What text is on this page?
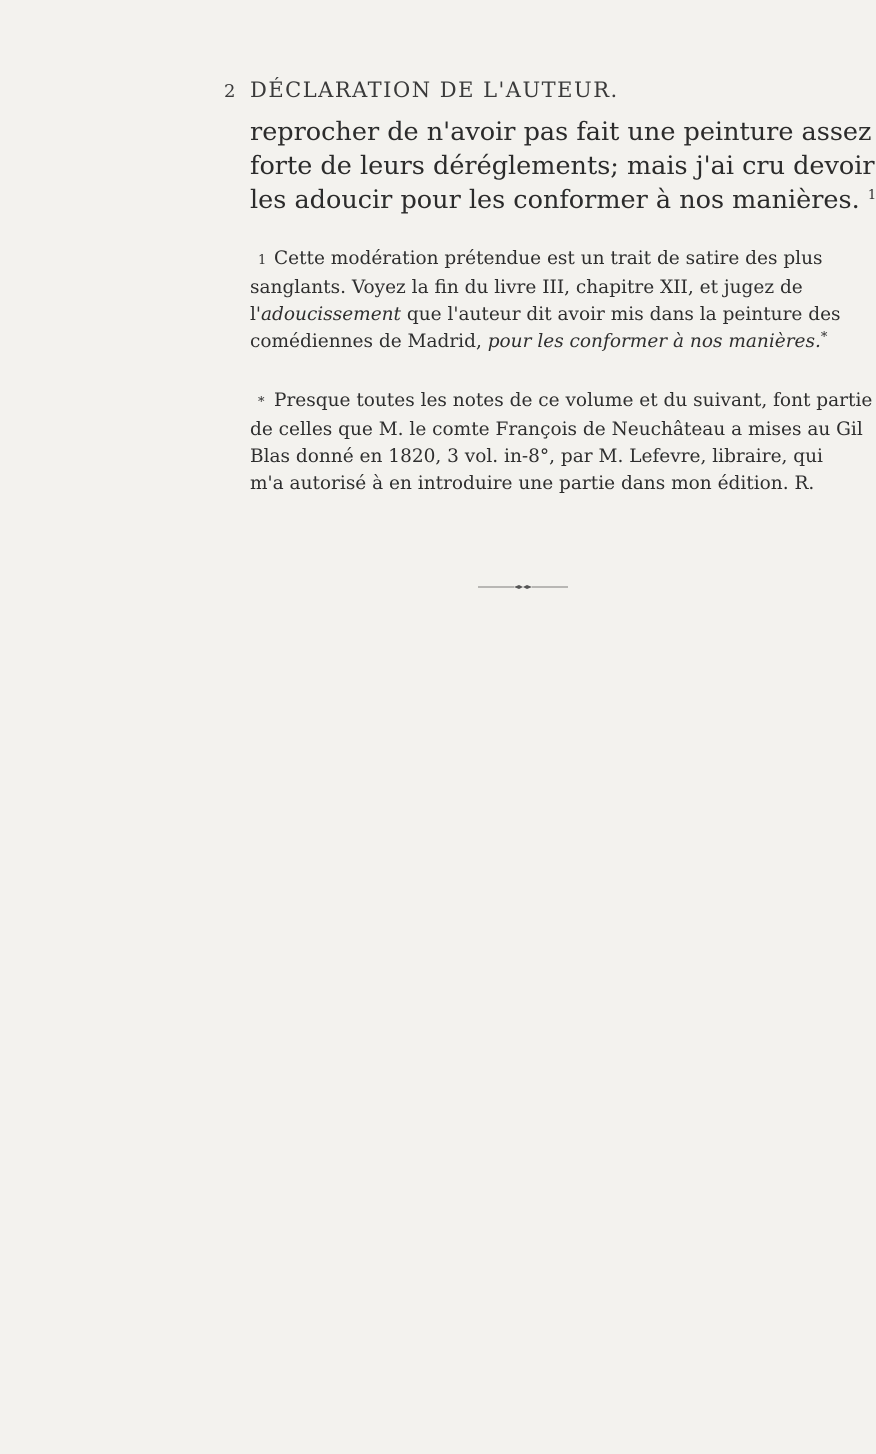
2 DÉCLARATION DE L'AUTEUR.

reprocher de n'avoir pas fait une peinture assez
forte de leurs déréglements; mais j'ai cru devoir
les adoucir pour les conformer à nos manières. $^1$

1 Cette modération prétendue est un trait de satire des plus
sanglants. Voyez la fin du livre III, chapitre XII, et jugez de
l'adoucissement que l'auteur dit avoir mis dans la peinture des
comédiennes de Madrid, pour les conformer à nos manières.*

* Presque toutes les notes de ce volume et du suivant, font partie
de celles que M. le comte François de Neuchâteau a mises au Gil
Blas donné en 1820, 3 vol. in-8°, par M. Lefevre, libraire, qui
m'a autorisé à en introduire une partie dans mon édition. R.
